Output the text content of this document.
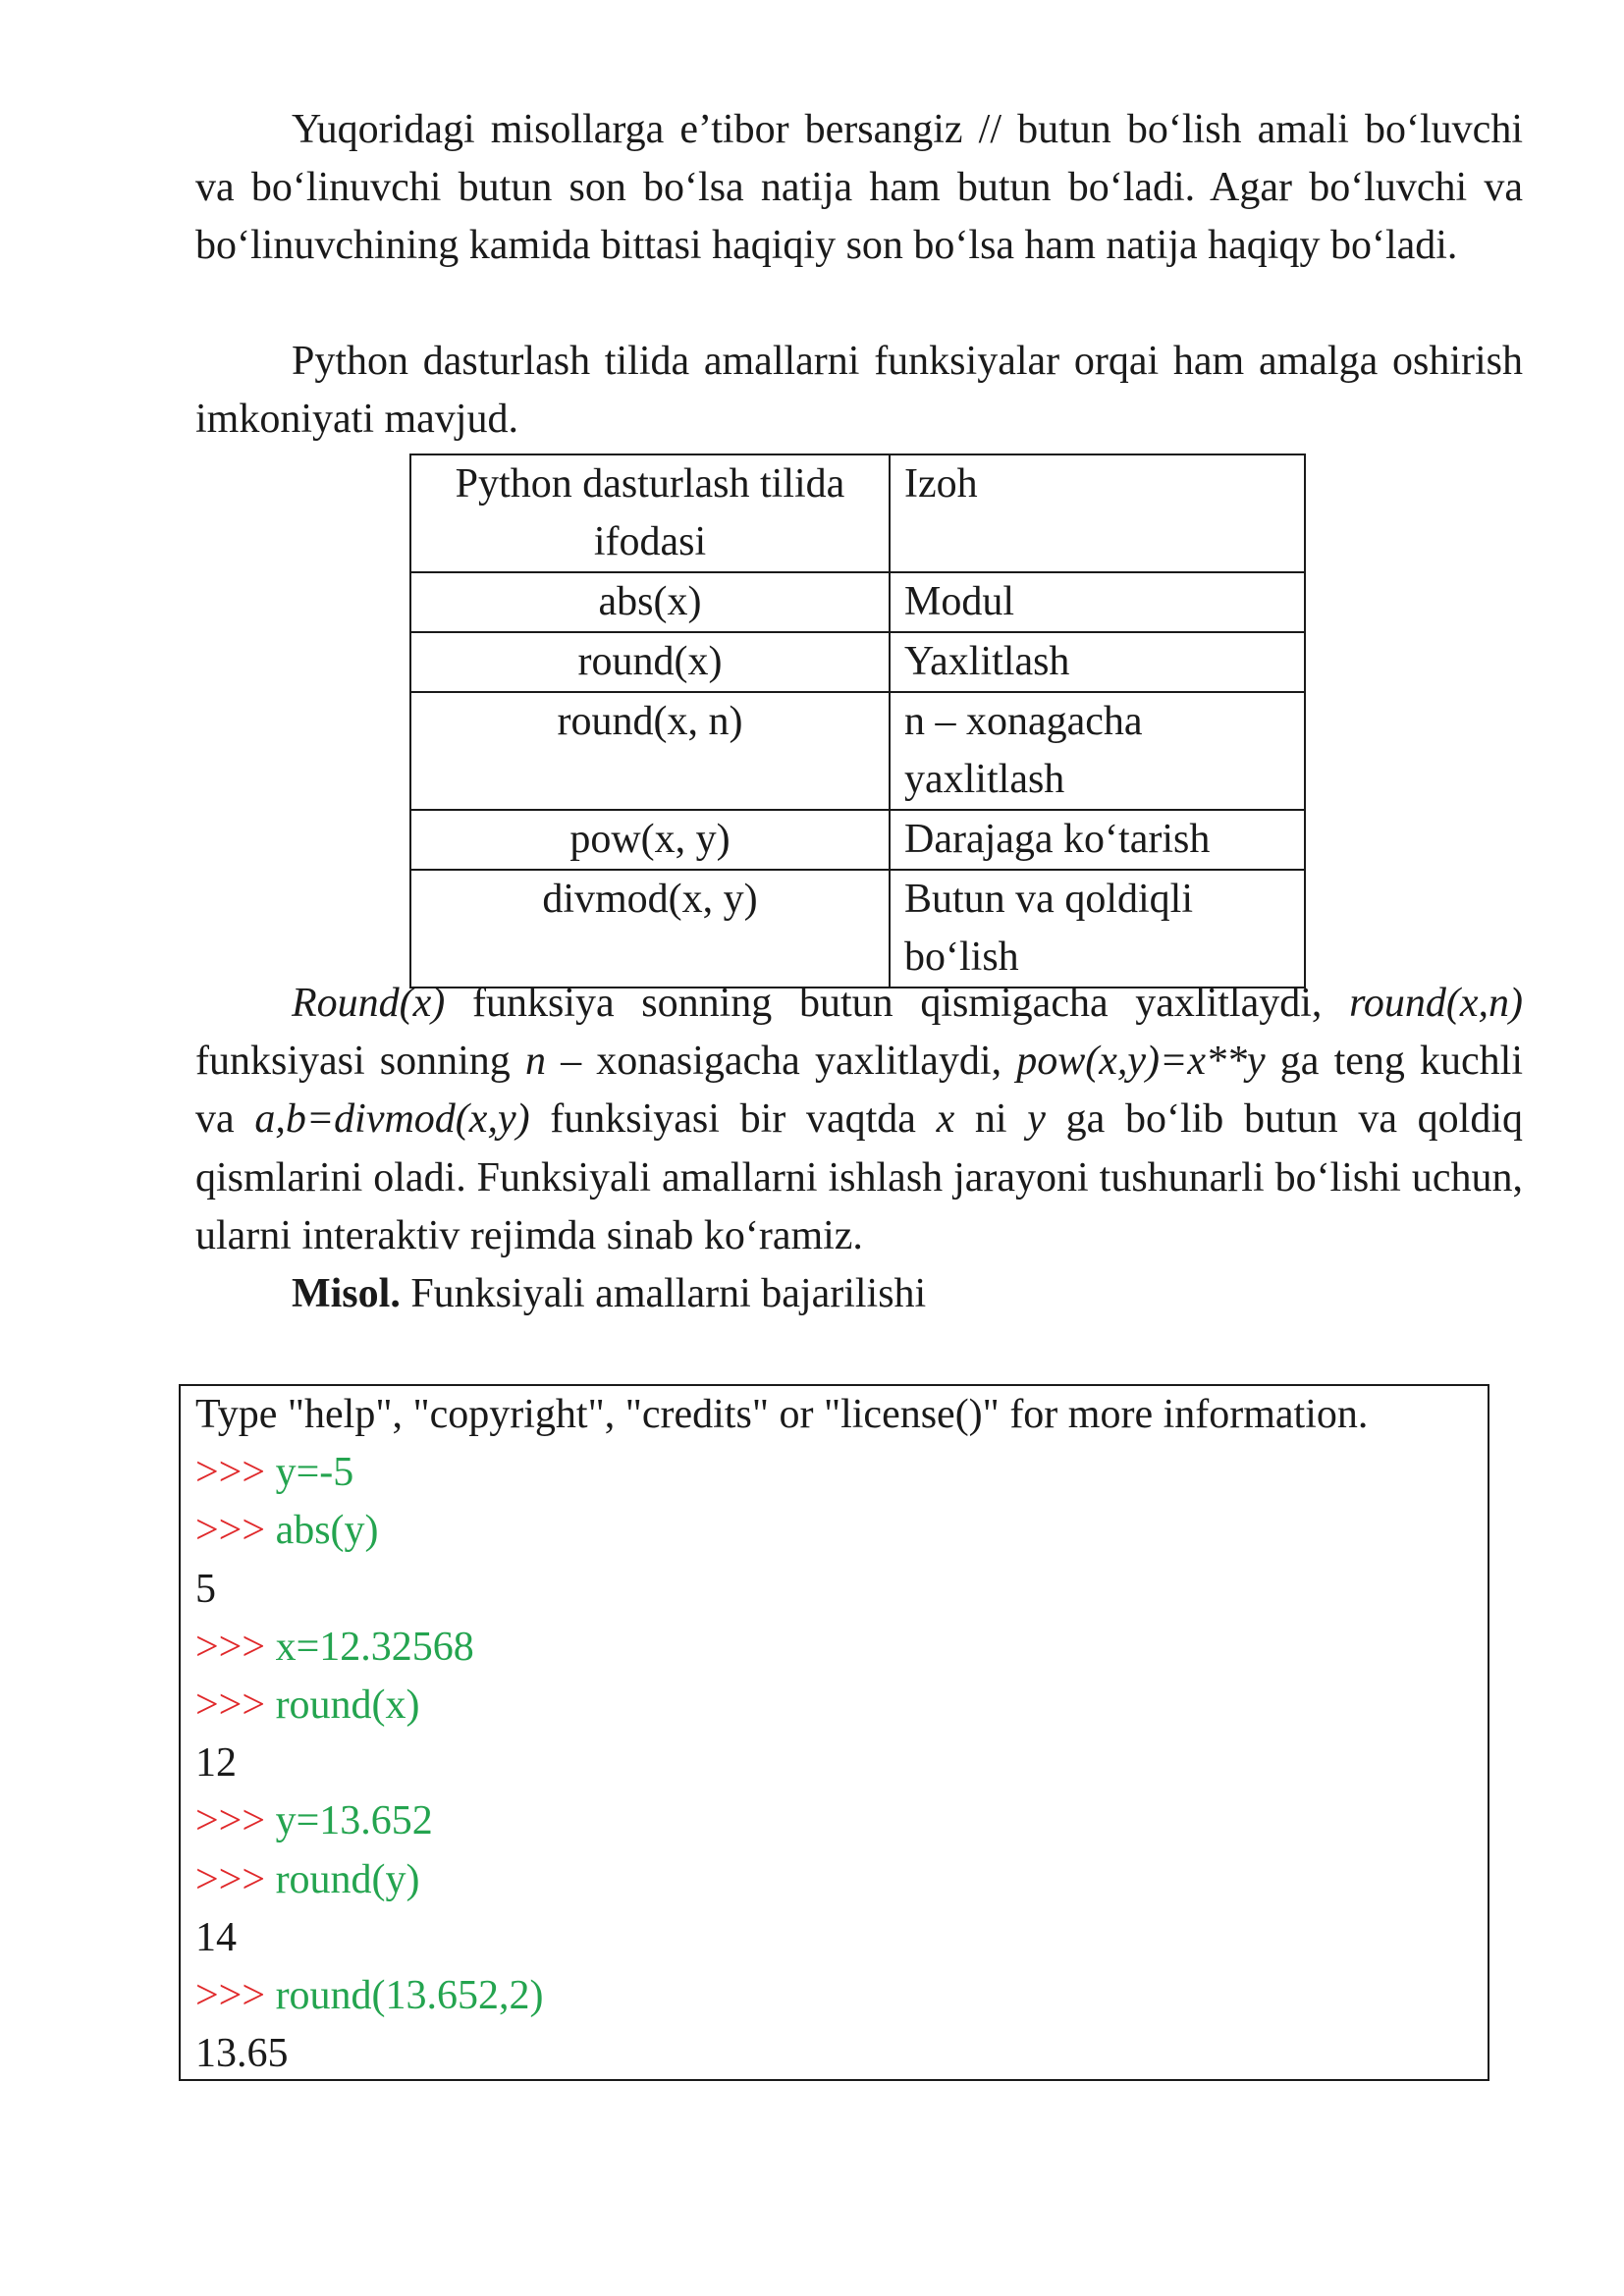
Yuqoridagi misollarga e’tibor bersangiz // butun bo‘lish amali bo‘luvchi va bo‘linuvchi butun son bo‘lsa natija ham butun bo‘ladi. Agar bo‘luvchi va bo‘linuvchining kamida bittasi haqiqiy son bo‘lsa ham natija haqiqy bo‘ladi.

Python dasturlash tilida amallarni funksiyalar orqai ham amalga oshirish imkoniyati mavjud.

Python dasturlash tilida ifodasi	Izoh
abs(x)	Modul
round(x)	Yaxlitlash
round(x, n)	n – xonagacha yaxlitlash
pow(x, y)	Darajaga ko‘tarish
divmod(x, y)	Butun va qoldiqli bo‘lish

Round(x) funksiya sonning butun qismigacha yaxlitlaydi, round(x,n) funksiyasi sonning n – xonasigacha yaxlitlaydi, pow(x,y)=x**y ga teng kuchli va a,b=divmod(x,y) funksiyasi bir vaqtda x ni y ga bo‘lib butun va qoldiq qismlarini oladi. Funksiyali amallarni ishlash jarayoni tushunarli bo‘lishi uchun, ularni interaktiv rejimda sinab ko‘ramiz.

Misol. Funksiyali amallarni bajarilishi

Type "help", "copyright", "credits" or "license()" for more information.
>>> y=-5
>>> abs(y)
5
>>> x=12.32568
>>> round(x)
12
>>> y=13.652
>>> round(y)
14
>>> round(13.652,2)
13.65
